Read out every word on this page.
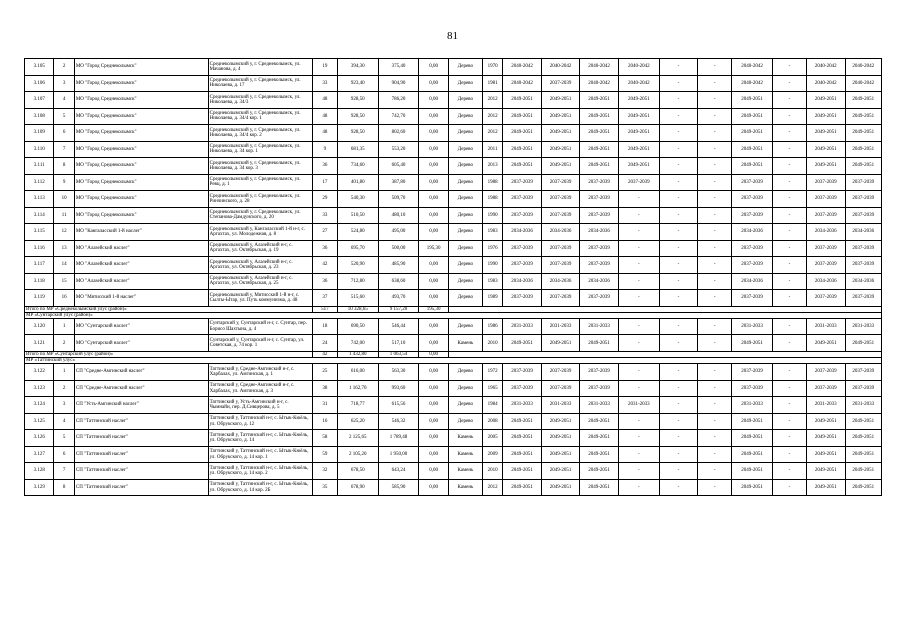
81
3.105	2	МО "Город Среднеколымск"	Среднеколымский у, г. Среднеколымск, ул. Мачанова, д. 4	19	394,30	375,40	0,00	Дерево	1970	2040-2042	2040-2042	2040-2042	2040-2042	-	-	2040-2042	-	2040-2042	2040-2042
3.106	3	МО "Город Среднеколымск"	Среднеколымский у, г. Среднеколымск, ул. Николаева, д. 17	33	923,40	904,90	0,00	Дерево	1981	2040-2042	2037-2039	2040-2042	2040-2042	-	-	2040-2042	-	2040-2042	2040-2042
3.107	4	МО "Город Среднеколымск"	Среднеколымский у, г. Среднеколымск, ул. Николаева, д. 34/3	48	928,50	786,20	0,00	Дерево	2012	2049-2051	2049-2051	2049-2051	2049-2051	-	-	2049-2051	-	2049-2051	2049-2051
3.108	5	МО "Город Среднеколымск"	Среднеколымский у, г. Среднеколымск, ул. Николаева, д. 34/4 кор. 1	48	928,50	742,70	0,00	Дерево	2012	2049-2051	2049-2051	2049-2051	2049-2051	-	-	2049-2051	-	2049-2051	2049-2051
3.109	6	МО "Город Среднеколымск"	Среднеколымский у, г. Среднеколымск, ул. Николаева, д. 34/4 кор. 2	48	928,50	802,60	0,00	Дерево	2012	2049-2051	2049-2051	2049-2051	2049-2051	-	-	2049-2051	-	2049-2051	2049-2051
3.110	7	МО "Город Среднеколымск"	Среднеколымский у, г. Среднеколымск, ул. Николаева, д. 34 кор. 1	9	681,35	553,20	0,00	Дерево	2011	2049-2051	2049-2051	2049-2051	2049-2051	-	-	2049-2051	-	2049-2051	2049-2051
3.111	8	МО "Город Среднеколымск"	Среднеколымский у, г. Среднеколымск, ул. Николаева, д. 34 кор. 3	36	734,60	605,40	0,00	Дерево	2013	2049-2051	2049-2051	2049-2051	2049-2051	-	-	2049-2051	-	2049-2051	2049-2051
3.112	9	МО "Город Среднеколымск"	Среднеколымский у, г. Среднеколымск, ул. Ревц, д. 1	17	401,80	387,80	0,00	Дерево	1988	2037-2039	2037-2039	2037-2039	2037-2039	-	-	2037-2039	-	2037-2039	2037-2039
3.113	10	МО "Город Среднеколымск"	Среднеколымский у, г. Среднеколымск, ул. Ринчинского, д. 28	29	540,30	509,70	0,00	Дерево	1988	2037-2039	2037-2039	2037-2039	-	-	-	2037-2039	-	2037-2039	2037-2039
3.114	11	МО "Город Среднеколымск"	Среднеколымский у, г. Среднеколымск, ул. Степанова-Дамдунского, д. 20	33	510,50	480,10	0,00	Дерево	1990	2037-2039	2037-2039	2037-2039	-	-	-	2037-2039	-	2037-2039	2037-2039
3.115	12	МО "Кангаласский 1-й наслег"	Среднеколымский у, Кангаласский 1-й н-г, с. Аргахтах, ул. Молодежная, д. 8	27	524,80	495,00	0,00	Дерево	1983	2034-2036	2034-2036	2034-2036	-	-	-	2034-2036	-	2034-2036	2034-2036
3.116	13	МО "Алазейский наслег"	Среднеколымский у, Алазейский н-г, с. Аргахтах, ул. Октябрьская, д. 19	36	695,70	500,00	195,30	Дерево	1976	2037-2039	2037-2039	2037-2039	-	-	-	2037-2039	-	2037-2039	2037-2039
3.117	14	МО "Алазейский наслег"	Среднеколымский у, Алазейский н-г, с. Аргахтах, ул. Октябрьская, д. 23	42	520,90	485,90	0,00	Дерево	1990	2037-2039	2037-2039	2037-2039	-	-	-	2037-2039	-	2037-2039	2037-2039
3.118	15	МО "Алазейский наслег"	Среднеколымский у, Алазейский н-г, с. Аргахтах, ул. Октябрьская, д. 25	36	712,80	638,60	0,00	Дерево	1983	2034-2036	2034-2036	2034-2036	-	-	-	2034-2036	-	2034-2036	2034-2036
3.119	16	МО "Мятисский 1-й наслег"	Среднеколымский у, Мятисский 1-й н-г, с. Сылгы-Ытар, ул. Путь коммунизма, д. 48	37	515,60	493,70	0,00	Дерево	1989	2037-2039	2037-2039	2037-2039	-	-	-	2037-2039	-	2037-2039	2037-2039
Итого по МР «Среднеколымский улус (район)»				517	10 328,65	9 157,20	195,30												
МР «Сунтарский улус (район)»																			
3.120	1	МО "Сунтарский наслег"	Сунтарский у, Сунтарский н-г, с. Сунтар, пер. Борисо Шахтына, д. 4	18	690,50	546,44	0,00	Дерево	1986	2031-2033	2031-2033	2031-2033	-	-	-	2031-2033	-	2031-2033	2031-2033
3.121	2	МО "Сунтарский наслег"	Сунтарский у, Сунтарский н-г, с. Сунтар, ул. Советская, д. 74 кор. 1	24	742,00	517,10	0,00	Камень	2010	2049-2051	2049-2051	2049-2051	-	-	-	2049-2051	-	2049-2051	2049-2051
Итого по МР «Сунтарский улус (район)»				42	1 432,80	1 063,54	0,00												
МР «Таттинский улус»																			
3.122	1	СП "Средне-Амгинский наслег"	Таттинский у, Средне-Амгинский н-г, с. Харбалах, ул. Амгинская, д. 1	25	616,00	563,30	0,00	Дерево	1972	2037-2039	2037-2039	2037-2039	-	-	-	2037-2039	-	2037-2039	2037-2039
3.123	2	СП "Средне-Амгинский наслег"	Таттинский у, Средне-Амгинский н-г, с. Харбалах, ул. Амгинская, д. 3	38	1 162,70	993,60	0,00	Дерево	1965	2037-2039	2037-2039	2037-2039	-	-	-	2037-2039	-	2037-2039	2037-2039
3.124	3	СП "Усть-Амгинский наслег"	Таттинский у, Усть-Амгинский н-г, с. Чымнайи, пер. Д.Сивцерова, д. 5	31	718,77	615,56	0,00	Дерево	1984	2031-2033	2031-2033	2031-2033	2031-2033	-	-	2031-2033	-	2031-2033	2031-2033
3.125	4	СП "Таттинский наслег"	Таттинский у, Таттинский н-г, с. Ытык-Кюёль, ул. Обрукского, д. 12	16	625,20	546,32	0,00	Дерево	2008	2049-2051	2049-2051	2049-2051	-	-	-	2049-2051	-	2049-2051	2049-2051
3.126	5	СП "Таттинский наслег"	Таттинский у, Таттинский н-г, с. Ытык-Кюёль, ул. Обрукского, д. 14	58	2 125,65	1 789,48	0,00	Камень	2005	2049-2051	2049-2051	2049-2051	-	-	-	2049-2051	-	2049-2051	2049-2051
3.127	6	СП "Таттинский наслег"	Таттинский у, Таттинский н-г, с. Ытык-Кюёль, ул. Обрукского, д. 14 кор. 1	59	2 105,20	1 950,00	0,00	Камень	2009	2049-2051	2049-2051	2049-2051	-	-	-	2049-2051	-	2049-2051	2049-2051
3.128	7	СП "Таттинский наслег"	Таттинский у, Таттинский н-г, с. Ытык-Кюёль, ул. Обрукского, д. 14 кор. 2	32	678,50	643,24	0,00	Камень	2010	2049-2051	2049-2051	2049-2051	-	-	-	2049-2051	-	2049-2051	2049-2051
3.129	8	СП "Таттинский наслег"	Таттинский у, Таттинский н-г, с. Ытык-Кюёль, ул. Обрукского, д. 14 кор. 2Б	35	678,90	585,90	0,00	Камень	2012	2049-2051	2049-2051	2049-2051	-	-	-	2049-2051	-	2049-2051	2049-2051
